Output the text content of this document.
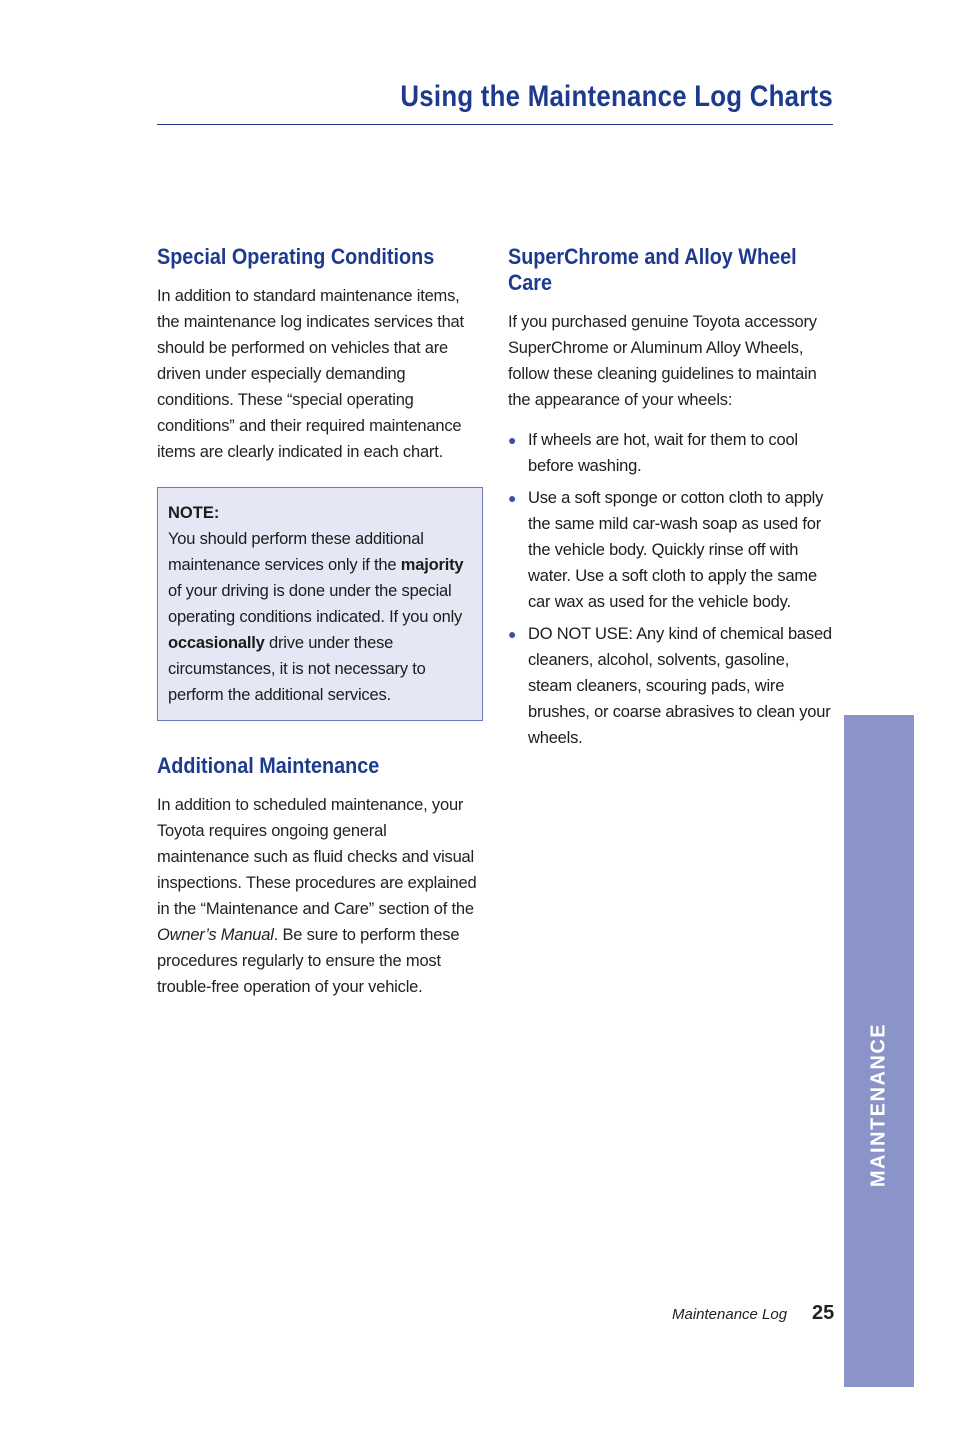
Using the Maintenance Log Charts
Special Operating Conditions

In addition to standard maintenance items, the maintenance log indicates services that should be performed on vehicles that are driven under especially demanding conditions. These “special operating conditions” and their required maintenance items are clearly indicated in each chart.

NOTE:

You should perform these additional maintenance services only if the majority of your driving is done under the special operating conditions indicated. If you only occasionally drive under these circumstances, it is not necessary to perform the additional services.

Additional Maintenance

In addition to scheduled maintenance, your Toyota requires ongoing general maintenance such as fluid checks and visual inspections. These procedures are explained in the “Maintenance and Care” section of the Owner’s Manual. Be sure to perform these procedures regularly to ensure the most trouble-free operation of your vehicle.

SuperChrome and Alloy Wheel Care

If you purchased genuine Toyota accessory SuperChrome or Aluminum Alloy Wheels, follow these cleaning guidelines to maintain the appearance of your wheels:

● If wheels are hot, wait for them to cool before washing.
● Use a soft sponge or cotton cloth to apply the same mild car-wash soap as used for the vehicle body. Quickly rinse off with water. Use a soft cloth to apply the same car wax as used for the vehicle body.
● DO NOT USE: Any kind of chemical based cleaners, alcohol, solvents, gasoline, steam cleaners, scouring pads, wire brushes, or coarse abrasives to clean your wheels.
MAINTENANCE
Maintenance Log 25
